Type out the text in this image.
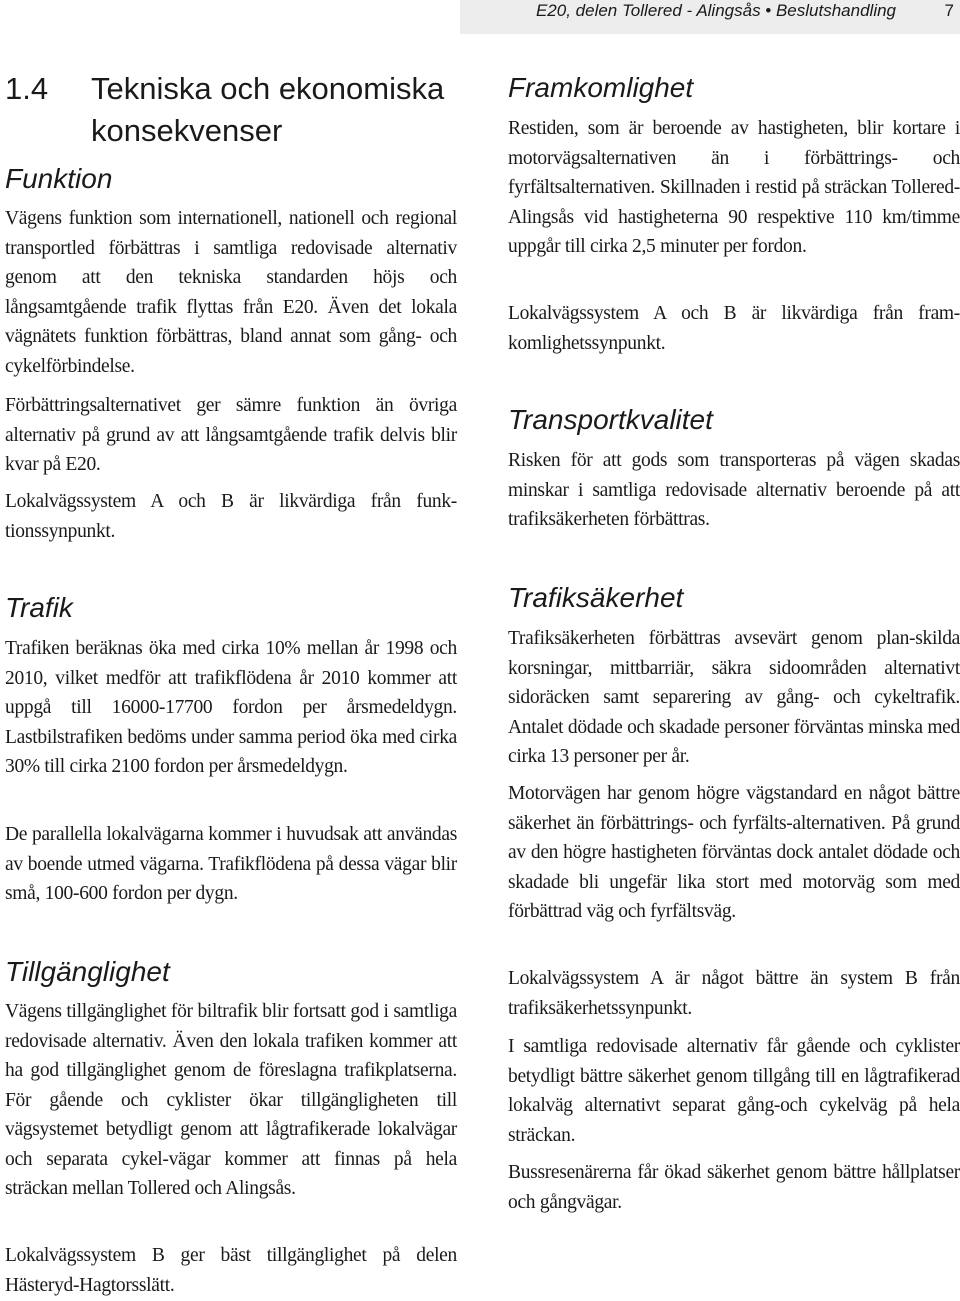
E20, delen Tollered - Alingsås • Beslutshandling	7
1.4 Tekniska och ekonomiska konsekvenser
Funktion

Vägens funktion som internationell, nationell och regional transportled förbättras i samtliga redovisade alternativ genom att den tekniska standarden höjs och långsamtgående trafik flyttas från E20. Även det lokala vägnätets funktion förbättras, bland annat som gång- och cykelförbindelse.

Förbättringsalternativet ger sämre funktion än övriga alternativ på grund av att långsamtgående trafik delvis blir kvar på E20.

Lokalvägssystem A och B är likvärdiga från funk-tionssynpunkt.

Trafik

Trafiken beräknas öka med cirka 10% mellan år 1998 och 2010, vilket medför att trafikflödena år 2010 kommer att uppgå till 16000-17700 fordon per årsmedeldygn. Lastbilstrafiken bedöms under samma period öka med cirka 30% till cirka 2100 fordon per årsmedeldygn.

De parallella lokalvägarna kommer i huvudsak att användas av boende utmed vägarna. Trafikflödena på dessa vägar blir små, 100-600 fordon per dygn.

Tillgänglighet

Vägens tillgänglighet för biltrafik blir fortsatt god i samtliga redovisade alternativ. Även den lokala trafiken kommer att ha god tillgänglighet genom de föreslagna trafikplatserna. För gående och cyklister ökar tillgängligheten till vägsystemet betydligt genom att lågtrafikerade lokalvägar och separata cykel-vägar kommer att finnas på hela sträckan mellan Tollered och Alingsås.

Lokalvägssystem B ger bäst tillgänglighet på delen Hästeryd-Hagtorsslätt.

Framkomlighet

Restiden, som är beroende av hastigheten, blir kortare i motorvägsalternativen än i förbättrings- och fyrfältsalternativen. Skillnaden i restid på sträckan Tollered-Alingsås vid hastigheterna 90 respektive 110 km/timme uppgår till cirka 2,5 minuter per fordon.

Lokalvägssystem A och B är likvärdiga från fram-komlighetssynpunkt.

Transportkvalitet

Risken för att gods som transporteras på vägen skadas minskar i samtliga redovisade alternativ beroende på att trafiksäkerheten förbättras.

Trafiksäkerhet

Trafiksäkerheten förbättras avsevärt genom plan-skilda korsningar, mittbarriär, säkra sidoområden alternativt sidoräcken samt separering av gång- och cykeltrafik. Antalet dödade och skadade personer förväntas minska med cirka 13 personer per år.

Motorvägen har genom högre vägstandard en något bättre säkerhet än förbättrings- och fyrfälts-alternativen. På grund av den högre hastigheten förväntas dock antalet dödade och skadade bli ungefär lika stort med motorväg som med förbättrad väg och fyrfältsväg.

Lokalvägssystem A är något bättre än system B från trafiksäkerhetssynpunkt.

I samtliga redovisade alternativ får gående och cyklister betydligt bättre säkerhet genom tillgång till en lågtrafikerad lokalväg alternativt separat gång-och cykelväg på hela sträckan.

Bussresenärerna får ökad säkerhet genom bättre hållplatser och gångvägar.
